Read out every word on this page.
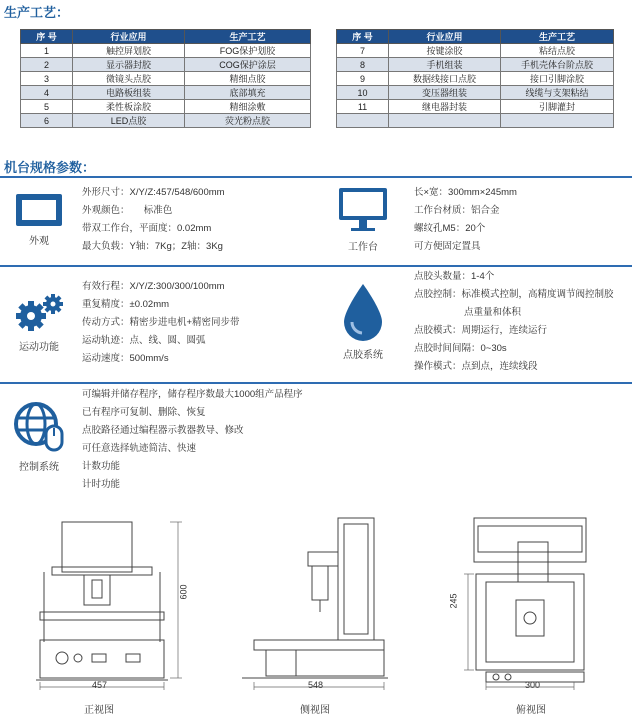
生产工艺：
序 号	行业应用	生产工艺
1	触控屏划胶	FOG保护划胶
2	显示器封胶	COG保护涂层
3	微镜头点胶	精细点胶
4	电路板组装	底部填充
5	柔性板涂胶	精细涂敷
6	LED点胶	荧光粉点胶
序 号	行业应用	生产工艺
7	按键涂胶	粘结点胶
8	手机组装	手机壳体台阶点胶
9	数据线接口点胶	接口引脚涂胶
10	变压器组装	线缆与支架粘结
11	继电器封装	引脚灌封

机台规格参数：
外观
外形尺寸：X/Y/Z:457/548/600mm
外观颜色：　　标准色
带双工作台，平面度：0.02mm
最大负载：Y轴：7Kg；Z轴：3Kg	工作台
长×宽：300mm×245mm
工作台材质：铝合金
螺纹孔M5：20个
可方便固定置具
运动功能
有效行程：X/Y/Z:300/300/100mm
重复精度：±0.02mm
传动方式：精密步进电机+精密同步带
运动轨迹：点、线、圆、圆弧
运动速度：500mm/s	点胶系统
点胶头数量：1-4个
点胶控制：标准模式控制，高精度调节阀控制胶
点重量和体积
点胶模式：周期运行，连续运行
点胶时间间隔：0~30s
操作模式：点到点，连续线段
控制系统
可编辑并储存程序，储存程序数最大1000组产品程序
已有程序可复制、删除、恢复
点胶路径通过编程器示教器教导、修改
可任意选择轨迹简洁、快速
计数功能
计时功能
457
600
正视图
548
侧视图
300
245
俯视图
